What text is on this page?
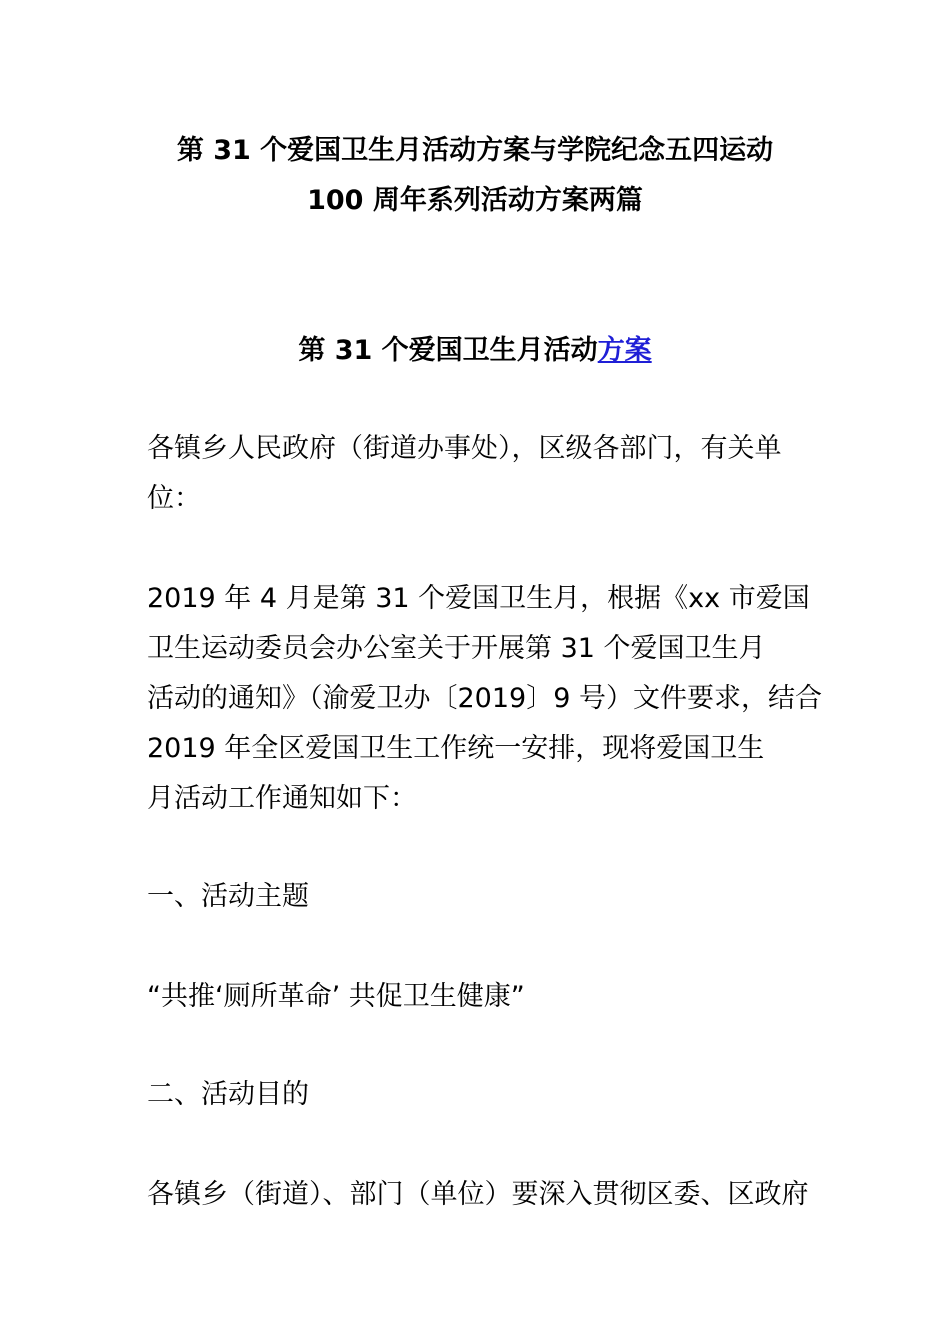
第 31 个爱国卫生月活动方案与学院纪念五四运动
100 周年系列活动方案两篇
第 31 个爱国卫生月活动方案

各镇乡人民政府（街道办事处），区级各部门，有关单
位：

2019 年 4 月是第 31 个爱国卫生月，根据《xx 市爱国
卫生运动委员会办公室关于开展第 31 个爱国卫生月
活动的通知》（渝爱卫办〔2019〕9 号）文件要求，结合
2019 年全区爱国卫生工作统一安排，现将爱国卫生
月活动工作通知如下：

一、活动主题

“共推‘厕所革命’ 共促卫生健康”

二、活动目的

各镇乡（街道）、部门（单位）要深入贯彻区委、区政府
